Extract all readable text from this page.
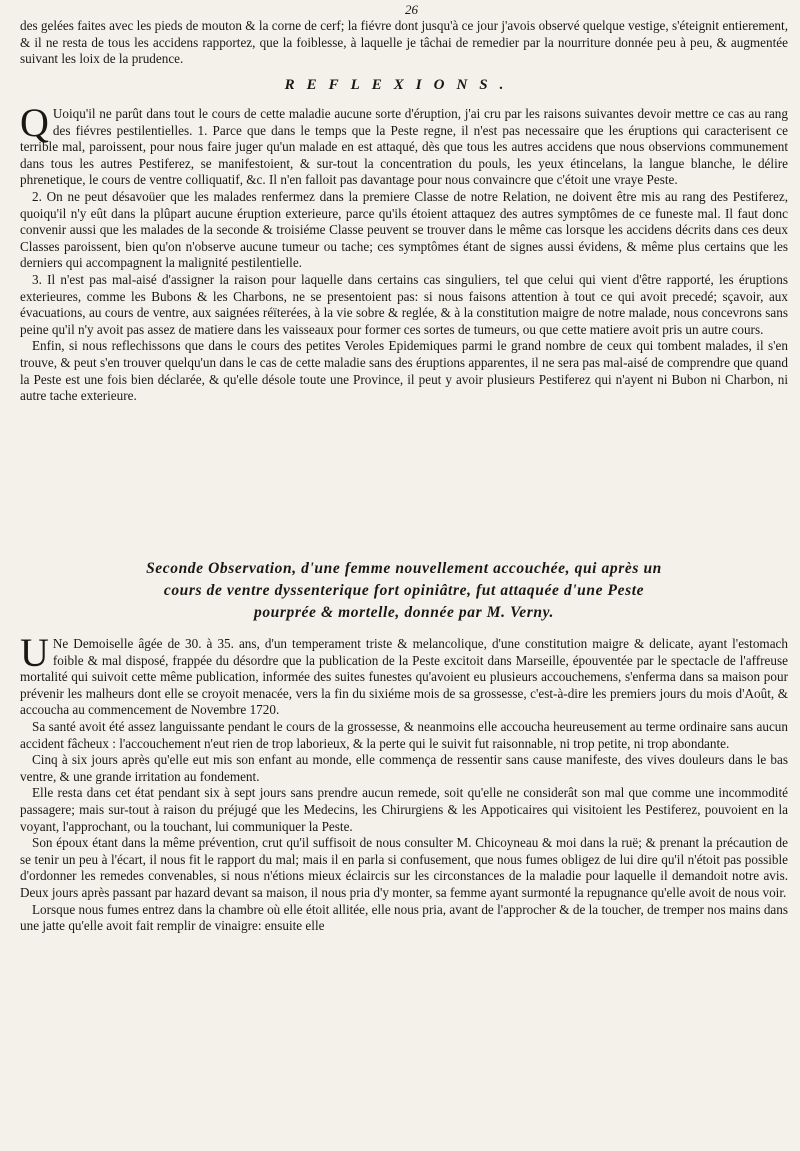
26

des gelées faites avec les pieds de mouton & la corne de cerf; la fiévre dont jusqu'à ce jour j'avois observé quelque vestige, s'éteignit entierement, & il ne resta de tous les accidens rapportez, que la foiblesse, à laquelle je tâchai de remedier par la nourriture donnée peu à peu, & augmentée suivant les loix de la prudence.

REFLEXIONS.

Q Uoiqu'il ne parût dans tout le cours de cette maladie aucune sorte d'éruption, j'ai cru par les raisons suivantes devoir mettre ce cas au rang des fiévres pestilentielles. 1. Parce que dans le temps que la Peste regne, il n'est pas necessaire que les éruptions qui caracterisent ce terrible mal, paroissent, pour nous faire juger qu'un malade en est attaqué, dès que tous les autres accidens que nous observions communement dans tous les autres Pestiferez, se manifestoient, & sur-tout la concentration du pouls, les yeux étincelans, la langue blanche, le délire phrenetique, le cours de ventre colliquatif, &c. Il n'en falloit pas davantage pour nous convaincre que c'étoit une vraye Peste.

2. On ne peut désavoüer que les malades renfermez dans la premiere Classe de notre Relation, ne doivent être mis au rang des Pestiferez, quoiqu'il n'y eût dans la plûpart aucune éruption exterieure, parce qu'ils étoient attaquez des autres symptômes de ce funeste mal. Il faut donc convenir aussi que les malades de la seconde & troisiéme Classe peuvent se trouver dans le même cas lorsque les accidens décrits dans ces deux Classes paroissent, bien qu'on n'observe aucune tumeur ou tache; ces symptômes étant de signes aussi évidens, & même plus certains que les derniers qui accompagnent la malignité pestilentielle.

3. Il n'est pas mal-aisé d'assigner la raison pour laquelle dans certains cas singuliers, tel que celui qui vient d'être rapporté, les éruptions exterieures, comme les Bubons & les Charbons, ne se presentoient pas: si nous faisons attention à tout ce qui avoit precedé; sçavoir, aux évacuations, au cours de ventre, aux saignées réïterées, à la vie sobre & reglée, & à la constitution maigre de notre malade, nous concevrons sans peine qu'il n'y avoit pas assez de matiere dans les vaisseaux pour former ces sortes de tumeurs, ou que cette matiere avoit pris un autre cours.

Enfin, si nous reflechissons que dans le cours des petites Veroles Epidemiques parmi le grand nombre de ceux qui tombent malades, il s'en trouve, & peut s'en trouver quelqu'un dans le cas de cette maladie sans des éruptions apparentes, il ne sera pas mal-aisé de comprendre que quand la Peste est une fois bien déclarée, & qu'elle désole toute une Province, il peut y avoir plusieurs Pestiferez qui n'ayent ni Bubon ni Charbon, ni autre tache exterieure.

Seconde Observation, d'une femme nouvellement accouchée, qui après un
cours de ventre dyssenterique fort opiniâtre, fut attaquée d'une Peste
pourprée & mortelle, donnée par M. Verny.

U Ne Demoiselle âgée de 30. à 35. ans, d'un temperament triste & melancolique, d'une constitution maigre & delicate, ayant l'estomach foible & mal disposé, frappée du désordre que la publication de la Peste excitoit dans Marseille, épouventée par le spectacle de l'affreuse mortalité qui suivoit cette même publication, informée des suites funestes qu'avoient eu plusieurs accouchemens, s'enferma dans sa maison pour prévenir les malheurs dont elle se croyoit menacée, vers la fin du sixiéme mois de sa grossesse, c'est-à-dire les premiers jours du mois d'Août, & accoucha au commencement de Novembre 1720.

Sa santé avoit été assez languissante pendant le cours de la grossesse, & neanmoins elle accoucha heureusement au terme ordinaire sans aucun accident fâcheux : l'accouchement n'eut rien de trop laborieux, & la perte qui le suivit fut raisonnable, ni trop petite, ni trop abondante.

Cinq à six jours après qu'elle eut mis son enfant au monde, elle commença de ressentir sans cause manifeste, des vives douleurs dans le bas ventre, & une grande irritation au fondement.

Elle resta dans cet état pendant six à sept jours sans prendre aucun remede, soit qu'elle ne considerât son mal que comme une incommodité passagere; mais sur-tout à raison du préjugé que les Medecins, les Chirurgiens & les Appoticaires qui visitoient les Pestiferez, pouvoient en la voyant, l'approchant, ou la touchant, lui communiquer la Peste.

Son époux étant dans la même prévention, crut qu'il suffisoit de nous consulter M. Chicoyneau & moi dans la ruë; & prenant la précaution de se tenir un peu à l'écart, il nous fit le rapport du mal; mais il en parla si confusement, que nous fumes obligez de lui dire qu'il n'étoit pas possible d'ordonner les remedes convenables, si nous n'étions mieux éclaircis sur les circonstances de la maladie pour laquelle il demandoit notre avis. Deux jours après passant par hazard devant sa maison, il nous pria d'y monter, sa femme ayant surmonté la repugnance qu'elle avoit de nous voir.

Lorsque nous fumes entrez dans la chambre où elle étoit allitée, elle nous pria, avant de l'approcher & de la toucher, de tremper nos mains dans une jatte qu'elle avoit fait remplir de vinaigre: ensuite elle
